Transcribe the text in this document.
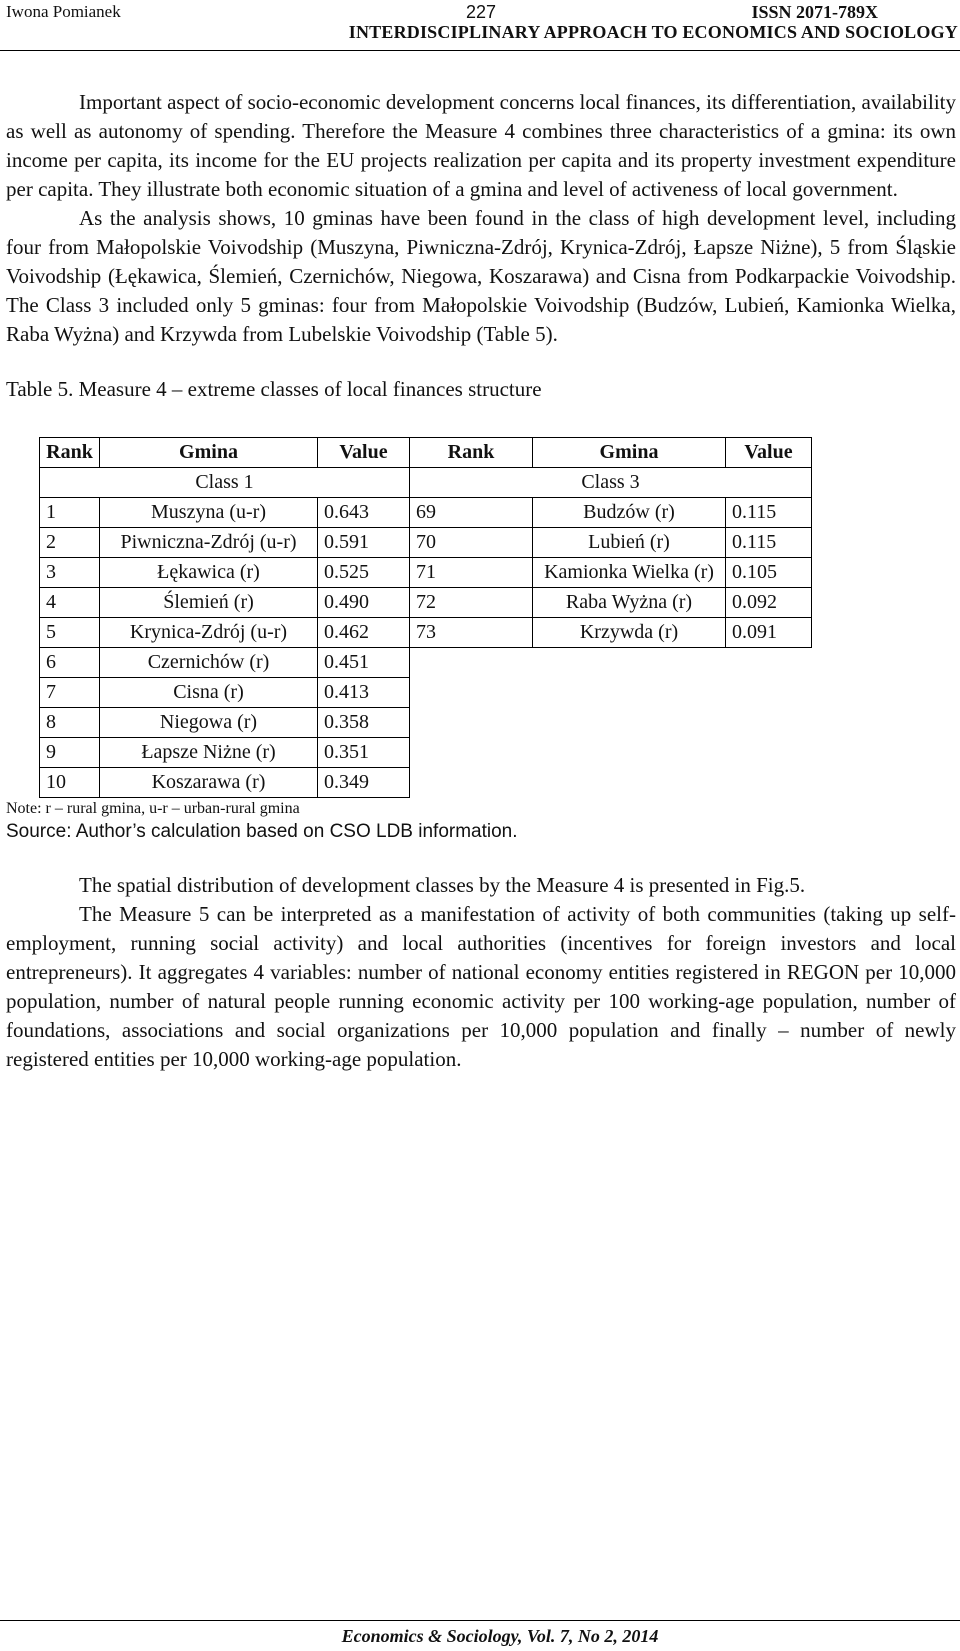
Iwona Pomianek	227	ISSN 2071-789X
INTERDISCIPLINARY APPROACH TO ECONOMICS AND SOCIOLOGY

Important aspect of socio-economic development concerns local finances, its differentiation, availability as well as autonomy of spending. Therefore the Measure 4 combines three characteristics of a gmina: its own income per capita, its income for the EU projects realization per capita and its property investment expenditure per capita. They illustrate both economic situation of a gmina and level of activeness of local government.

As the analysis shows, 10 gminas have been found in the class of high development level, including four from Małopolskie Voivodship (Muszyna, Piwniczna-Zdrój, Krynica-Zdrój, Łapsze Niżne), 5 from Śląskie Voivodship (Łękawica, Ślemień, Czernichów, Niegowa, Koszarawa) and Cisna from Podkarpackie Voivodship. The Class 3 included only 5 gminas: four from Małopolskie Voivodship (Budzów, Lubień, Kamionka Wielka, Raba Wyżna) and Krzywda from Lubelskie Voivodship (Table 5).

Table 5. Measure 4 – extreme classes of local finances structure
Rank	Gmina	Value	Rank	Gmina	Value
Class 1			Class 3		
1	Muszyna (u-r)	0.643	69	Budzów (r)	0.115
2	Piwniczna-Zdrój (u-r)	0.591	70	Lubień (r)	0.115
3	Łękawica (r)	0.525	71	Kamionka Wielka (r)	0.105
4	Ślemień (r)	0.490	72	Raba Wyżna (r)	0.092
5	Krynica-Zdrój (u-r)	0.462	73	Krzywda (r)	0.091
6	Czernichów (r)	0.451			
7	Cisna (r)	0.413			
8	Niegowa (r)	0.358			
9	Łapsze Niżne (r)	0.351			
10	Koszarawa (r)	0.349			
Note: r – rural gmina, u-r – urban-rural gmina
Source: Author’s calculation based on CSO LDB information.

The spatial distribution of development classes by the Measure 4 is presented in Fig.5.

The Measure 5 can be interpreted as a manifestation of activity of both communities (taking up self-employment, running social activity) and local authorities (incentives for foreign investors and local entrepreneurs). It aggregates 4 variables: number of national economy entities registered in REGON per 10,000 population, number of natural people running economic activity per 100 working-age population, number of foundations, associations and social organizations per 10,000 population and finally – number of newly registered entities per 10,000 working-age population.

Economics & Sociology, Vol. 7, No 2, 2014
